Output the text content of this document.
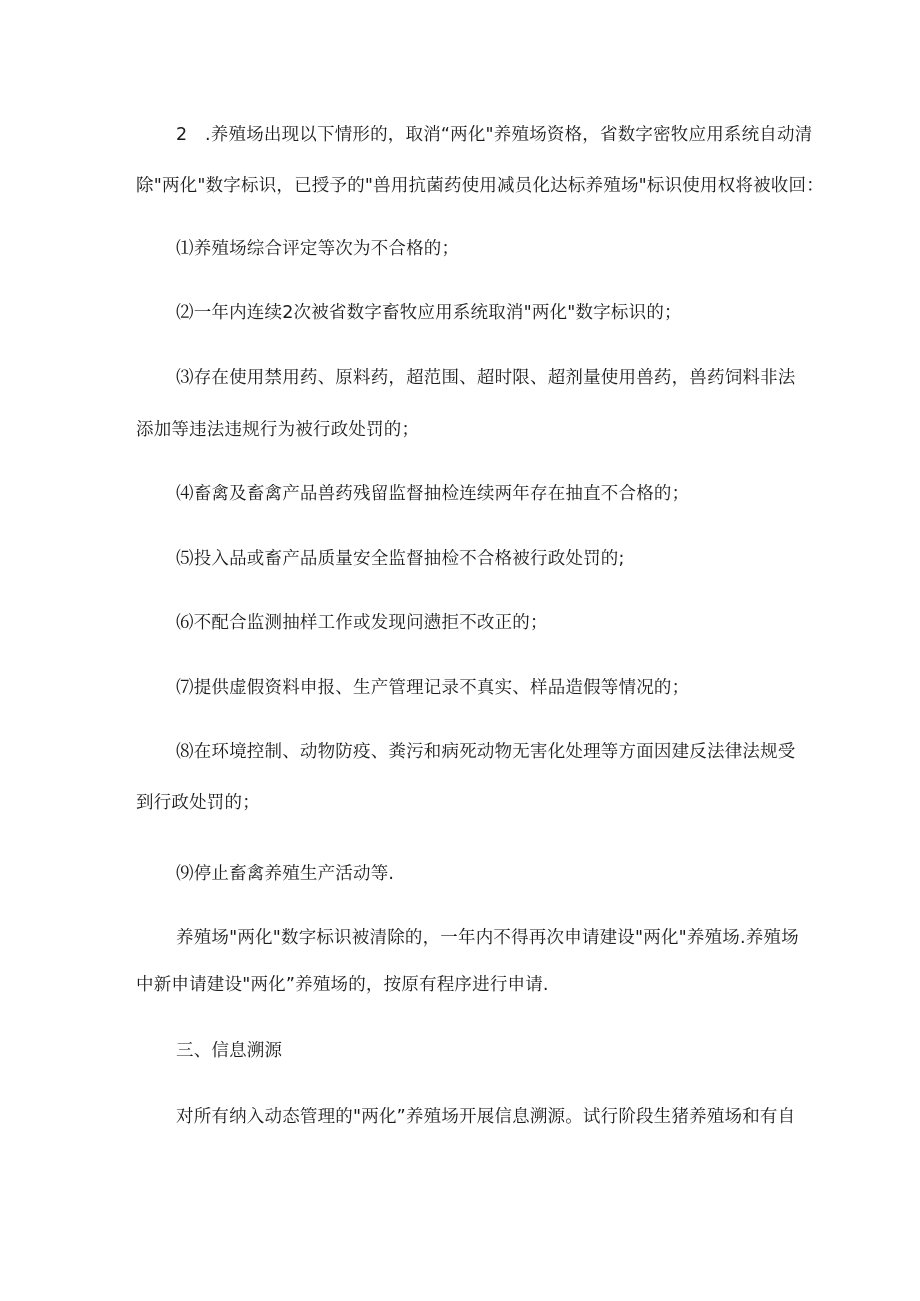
2　.养殖场出现以下情形的，取消“两化"养殖场资格，省数字密牧应用系统自动清
除"两化"数字标识，已授予的"兽用抗菌药使用减员化达标养殖场"标识使用权将被收回：
⑴养殖场综合评定等次为不合格的；
⑵一年内连续2次被省数字畜牧应用系统取消"两化"数字标识的；
⑶存在使用禁用药、原料药，超范围、超时限、超剂量使用兽药，兽药饲料非法
添加等违法违规行为被行政处罚的；
⑷畜禽及畜禽产品兽药残留监督抽检连续两年存在抽直不合格的；
⑸投入品或畜产品质量安全监督抽检不合格被行政处罚的;
⑹不配合监测抽样工作或发现问懑拒不改正的；
⑺提供虚假资料申报、生产管理记录不真实、样品造假等情况的；
⑻在环境控制、动物防疫、粪污和病死动物无害化处理等方面因建反法律法规受
到行政处罚的；
⑼停止畜禽养殖生产活动等.
养殖场"两化"数字标识被清除的，一年内不得再次申请建设"两化"养殖场.养殖场
中新申请建设"两化”养殖场的，按原有程序进行申请.
三、信息溯源
对所有纳入动态管理的"两化”养殖场开展信息溯源。试行阶段生猪养殖场和有自
